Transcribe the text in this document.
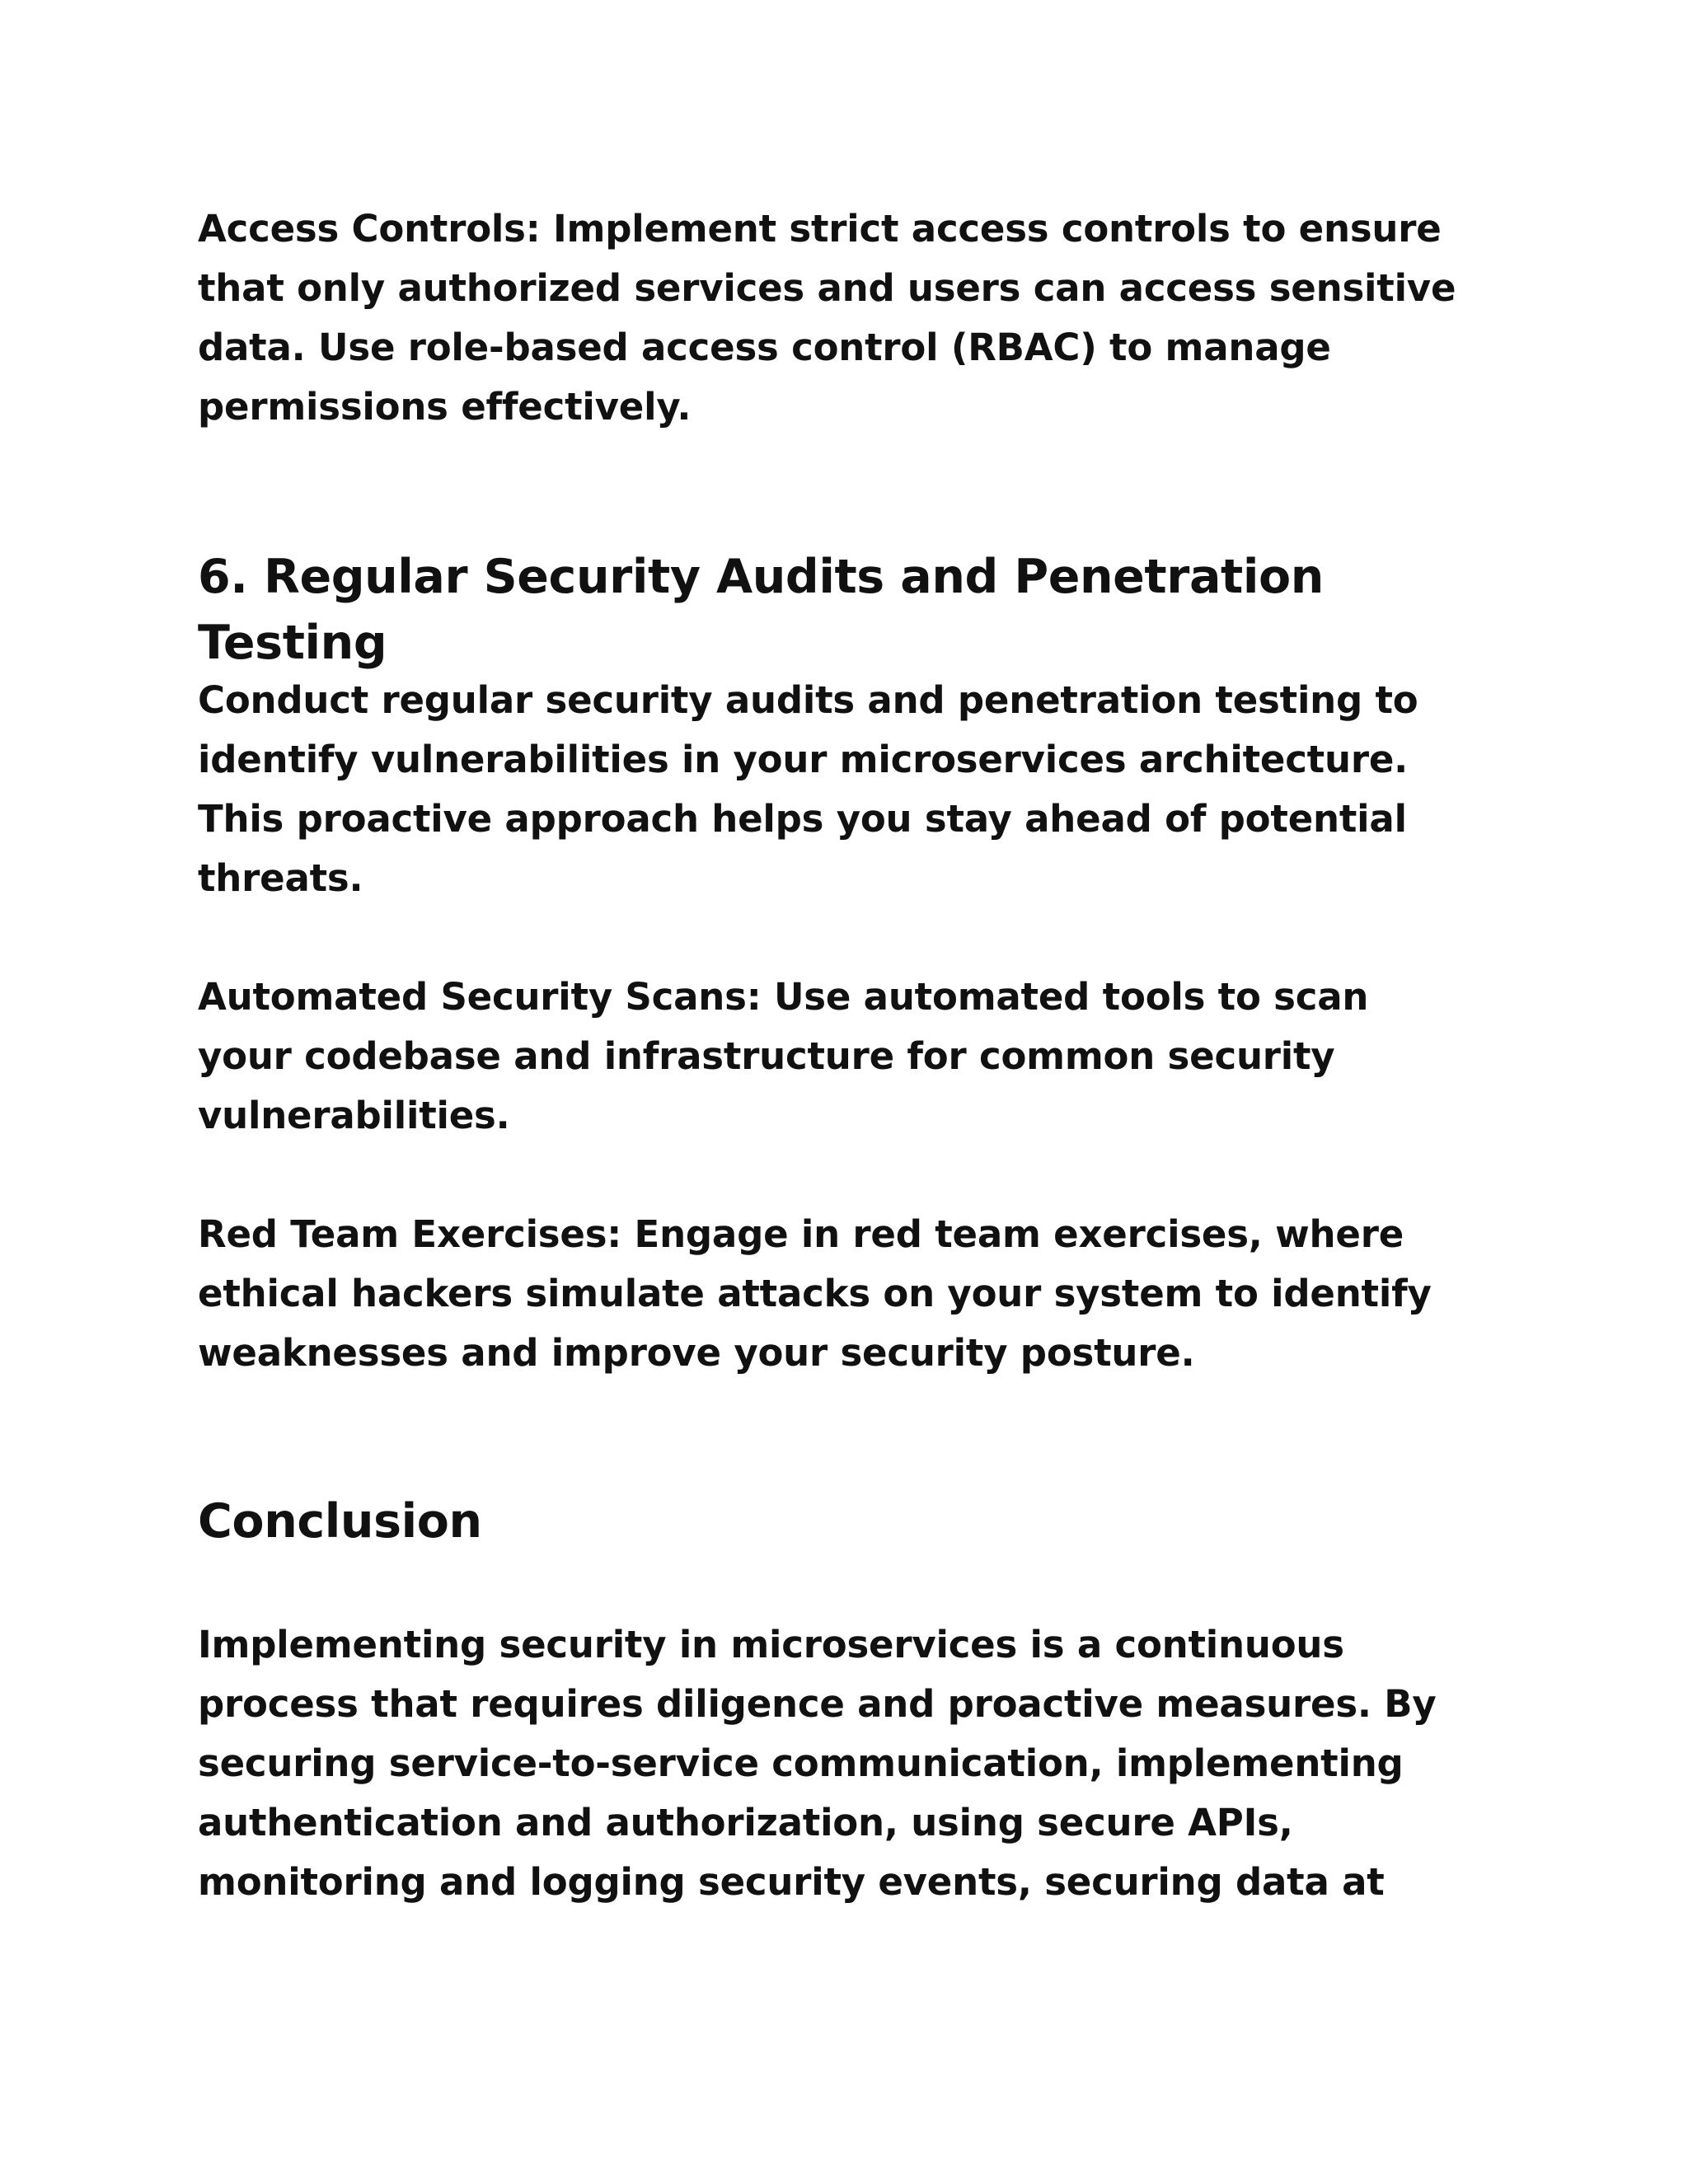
Access Controls: Implement strict access controls to ensure
that only authorized services and users can access sensitive
data. Use role-based access control (RBAC) to manage
permissions effectively.

6. Regular Security Audits and Penetration Testing

Conduct regular security audits and penetration testing to
identify vulnerabilities in your microservices architecture.
This proactive approach helps you stay ahead of potential
threats.

Automated Security Scans: Use automated tools to scan
your codebase and infrastructure for common security
vulnerabilities.

Red Team Exercises: Engage in red team exercises, where
ethical hackers simulate attacks on your system to identify
weaknesses and improve your security posture.

Conclusion

Implementing security in microservices is a continuous
process that requires diligence and proactive measures. By
securing service-to-service communication, implementing
authentication and authorization, using secure APIs,
monitoring and logging security events, securing data at
